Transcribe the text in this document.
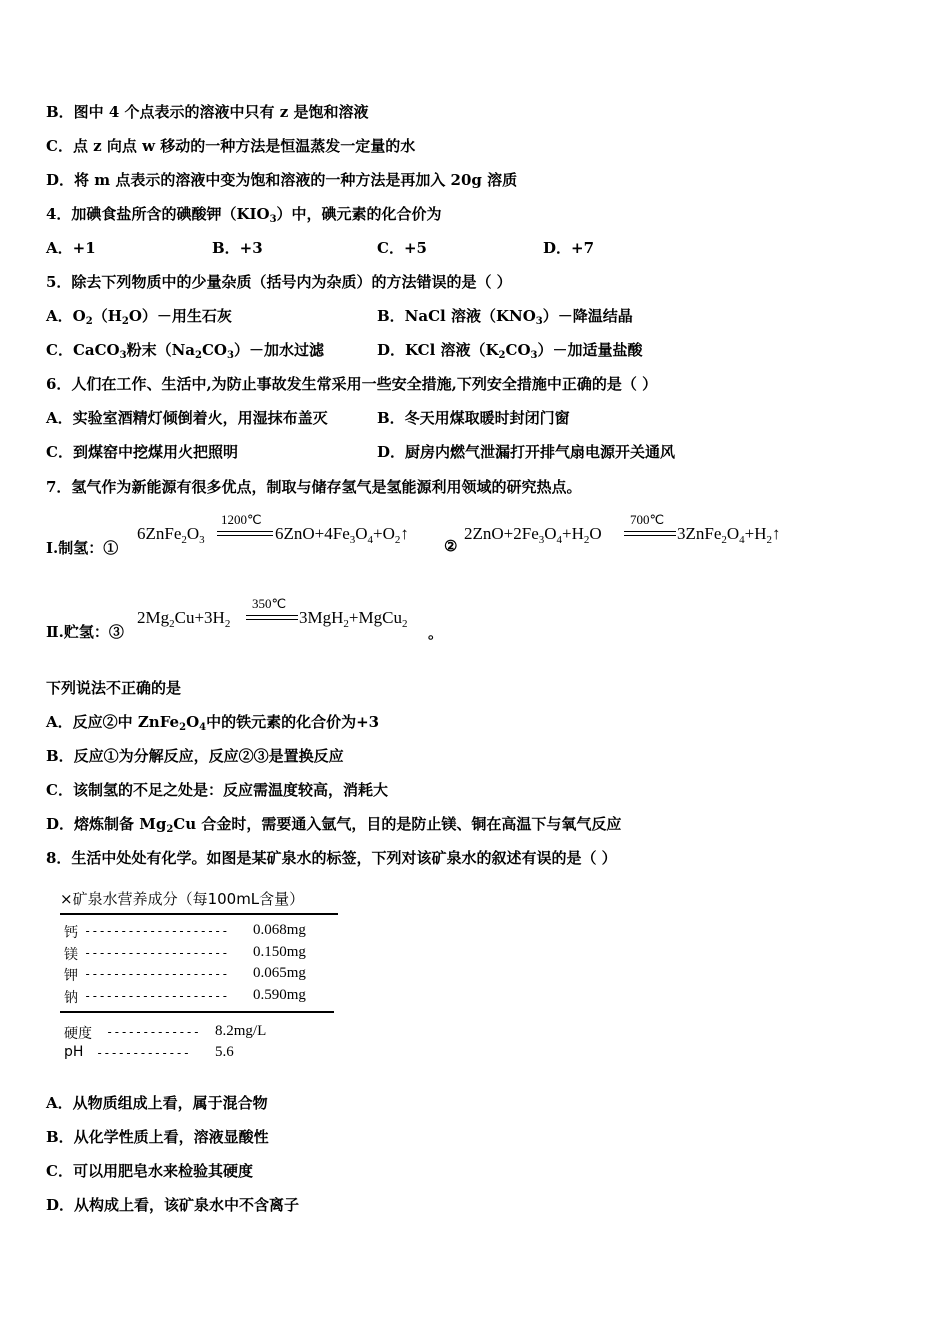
B．图中 4 个点表示的溶液中只有 z 是饱和溶液
C．点 z 向点 w 移动的一种方法是恒温蒸发一定量的水
D．将 m 点表示的溶液中变为饱和溶液的一种方法是再加入 20g 溶质
4．加碘食盐所含的碘酸钾$(KIO_3)$中，碘元素的化合价为
A．+1	B．+3	C．+5	D．+7
5．除去下列物质中的少量杂质（括号内为杂质）的方法错误的是（ ）
A．$O_2(H_2O)-$用生石灰	B．NaCl 溶液$(KNO_3)-$降温结晶
C．CaCO$_3$粉末$(Na_2CO_3)-$加水过滤	D．KCl 溶液$(K_2CO_3)-$加适量盐酸
6．人们在工作、生活中,为防止事故发生常采用一些安全措施,下列安全措施中正确的是（ ）
A．实验室酒精灯倾倒着火，用湿抹布盖灭	B．冬天用煤取暖时封闭门窗
C．到煤窑中挖煤用火把照明	D．厨房内燃气泄漏打开排气扇电源开关通风
7．氢气作为新能源有很多优点，制取与储存氢气是氢能源利用领域的研究热点。
Ⅰ.制氢：①
$6ZnFe_2O_3$
1200℃
$6ZnO+4Fe_3O_4+O_2↑$
②
$2ZnO+2Fe_3O_4+H_2O$
700℃
$3ZnFe_2O_4+H_2↑$
Ⅱ.贮氢：③
$2Mg_2Cu+3H_2$
350℃
3MgH$_2$+MgCu$_2$ 。
下列说法不正确的是
A．反应②中 $ZnFe_2O_4$中的铁元素的化合价为+3
B．反应①为分解反应，反应②③是置换反应
C．该制氢的不足之处是：反应需温度较高，消耗大
D．熔炼制备 $Mg_2Cu$ 合金时，需要通入氩气，目的是防止镁、铜在高温下与氧气反应
8．生活中处处有化学。如图是某矿泉水的标签，下列对该矿泉水的叙述有误的是（ ）
×矿泉水营养成分（每100mL含量）
钙 -------------------- 0.068mg
镁 -------------------- 0.150mg
钾 -------------------- 0.065mg
钠 -------------------- 0.590mg
硬度 ------------- 8.2mg/L
pH ------------- 5.6
A．从物质组成上看，属于混合物
B．从化学性质上看，溶液显酸性
C．可以用肥皂水来检验其硬度
D．从构成上看，该矿泉水中不含离子
